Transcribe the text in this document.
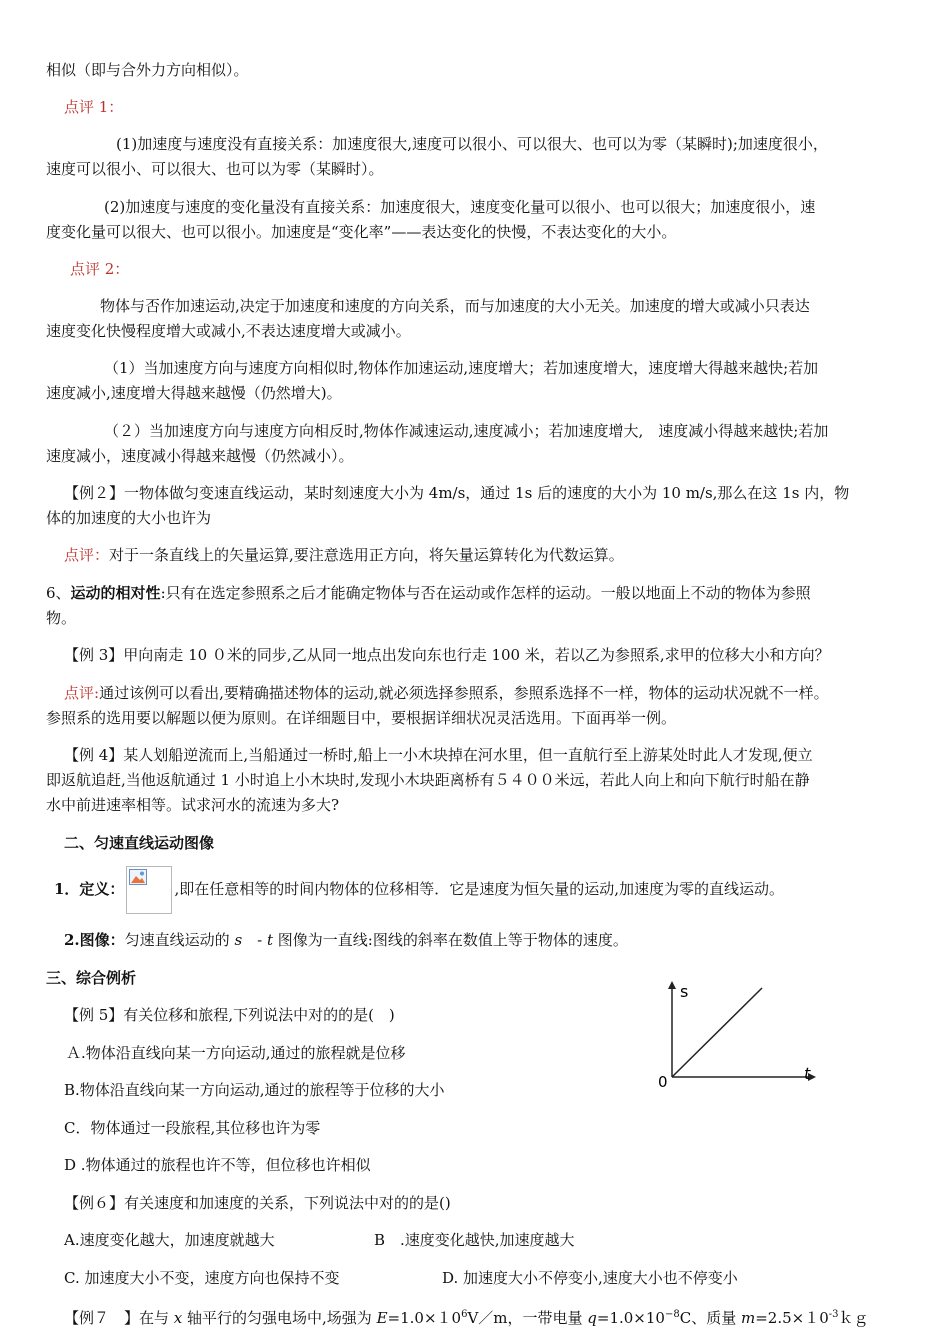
相似（即与合外力方向相似）。
点评 1：
(1)加速度与速度没有直接关系：加速度很大,速度可以很小、可以很大、也可以为零（某瞬时);加速度很小，
速度可以很小、可以很大、也可以为零（某瞬时）。
(2)加速度与速度的变化量没有直接关系：加速度很大，速度变化量可以很小、也可以很大；加速度很小，速
度变化量可以很大、也可以很小。加速度是“变化率”——表达变化的快慢，不表达变化的大小。
点评 2：
物体与否作加速运动,决定于加速度和速度的方向关系，而与加速度的大小无关。加速度的增大或减小只表达
速度变化快慢程度增大或减小,不表达速度增大或减小。
（1）当加速度方向与速度方向相似时,物体作加速运动,速度增大；若加速度增大，速度增大得越来越快;若加
速度减小,速度增大得越来越慢（仍然增大)。
（２）当加速度方向与速度方向相反时,物体作减速运动,速度减小；若加速度增大,　速度减小得越来越快;若加
速度减小，速度减小得越来越慢（仍然减小）。
【例２】一物体做匀变速直线运动，某时刻速度大小为 4m/s，通过 1s 后的速度的大小为 10 m/s,那么在这 1s 内，物
体的加速度的大小也许为
点评：对于一条直线上的矢量运算,要注意选用正方向，将矢量运算转化为代数运算。
6、运动的相对性:只有在选定参照系之后才能确定物体与否在运动或作怎样的运动。一般以地面上不动的物体为参照
物。
【例 3】甲向南走 10 ０米的同步,乙从同一地点出发向东也行走 100 米，若以乙为参照系,求甲的位移大小和方向？
点评:通过该例可以看出,要精确描述物体的运动,就必须选择参照系，参照系选择不一样，物体的运动状况就不一样。
参照系的选用要以解题以便为原则。在详细题目中，要根据详细状况灵活选用。下面再举一例。
【例 4】某人划船逆流而上,当船通过一桥时,船上一小木块掉在河水里，但一直航行至上游某处时此人才发现,便立
即返航追赶,当他返航通过 1 小时追上小木块时,发现小木块距离桥有５４００米远，若此人向上和向下航行时船在静
水中前进速率相等。试求河水的流速为多大?
二、匀速直线运动图像
1．定义：	,即在任意相等的时间内物体的位移相等．它是速度为恒矢量的运动,加速度为零的直线运动。
2.图像：匀速直线运动的 s　- t 图像为一直线:图线的斜率在数值上等于物体的速度。
三、综合例析
s
t
0
【例 5】有关位移和旅程,下列说法中对的的是(　)
Ａ.物体沿直线向某一方向运动,通过的旅程就是位移
B.物体沿直线向某一方向运动,通过的旅程等于位移的大小
C．物体通过一段旅程,其位移也许为零
D .物体通过的旅程也许不等，但位移也许相似
【例６】有关速度和加速度的关系，下列说法中对的的是()
A.速度变化越大，加速度就越大	B　.速度变化越快,加速度越大
C. 加速度大小不变，速度方向也保持不变	D. 加速度大小不停变小,速度大小也不停变小
【例７　】在与 x 轴平行的匀强电场中,场强为 $E=1.0\times 10^6V/m$，一带电量 $q=1.0\times 10^{-8}C$、质量 $m=2.5\times 10^{-3}kg$
